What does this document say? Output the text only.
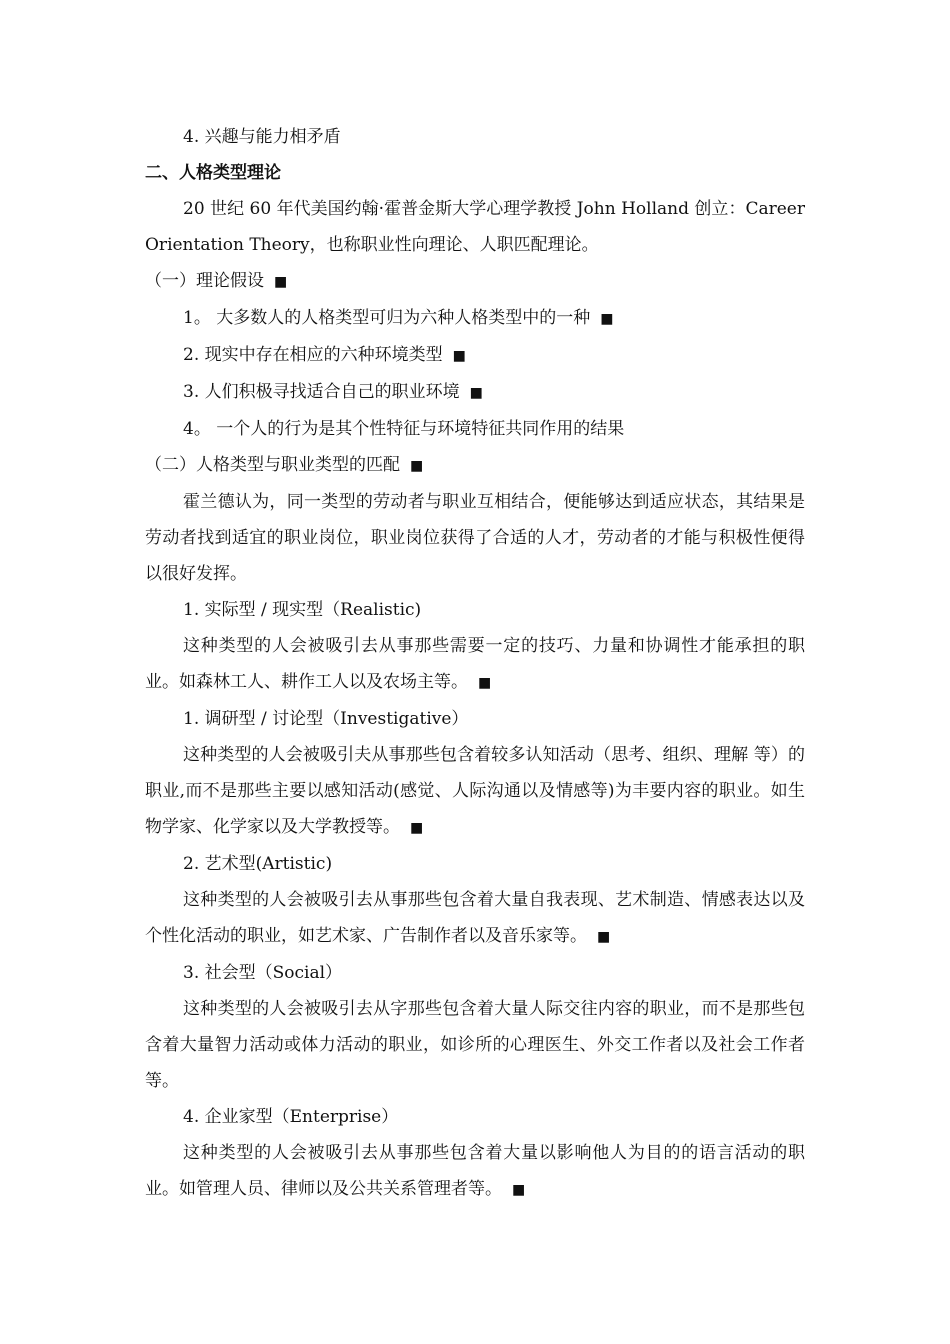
4. 兴趣与能力相矛盾

二、人格类型理论

20 世纪 60 年代美国约翰·霍普金斯大学心理学教授 John Holland 创立：Career Orientation Theory，也称职业性向理论、人职匹配理论。

（一）理论假设 ■

1。 大多数人的人格类型可归为六种人格类型中的一种 ■

2. 现实中存在相应的六种环境类型 ■

3. 人们积极寻找适合自己的职业环境 ■

4。 一个人的行为是其个性特征与环境特征共同作用的结果

（二）人格类型与职业类型的匹配 ■

霍兰德认为，同一类型的劳动者与职业互相结合，便能够达到适应状态，其结果是劳动者找到适宜的职业岗位，职业岗位获得了合适的人才，劳动者的才能与积极性便得以很好发挥。

1. 实际型 / 现实型（Realistic)

这种类型的人会被吸引去从事那些需要一定的技巧、力量和协调性才能承担的职业。如森林工人、耕作工人以及农场主等。 ■

1. 调研型 / 讨论型（Investigative）

这种类型的人会被吸引夫从事那些包含着较多认知活动（思考、组织、理解 等）的职业,而不是那些主要以感知活动(感觉、人际沟通以及情感等)为丰要内容的职业。如生物学家、化学家以及大学教授等。 ■

2. 艺术型(Artistic)

这种类型的人会被吸引去从事那些包含着大量自我表现、艺术制造、情感表达以及个性化活动的职业，如艺术家、广告制作者以及音乐家等。 ■

3. 社会型（Social）

这种类型的人会被吸引去从字那些包含着大量人际交往内容的职业，而不是那些包含着大量智力活动或体力活动的职业，如诊所的心理医生、外交工作者以及社会工作者等。

4. 企业家型（Enterprise）

这种类型的人会被吸引去从事那些包含着大量以影响他人为目的的语言活动的职业。如管理人员、律师以及公共关系管理者等。 ■
